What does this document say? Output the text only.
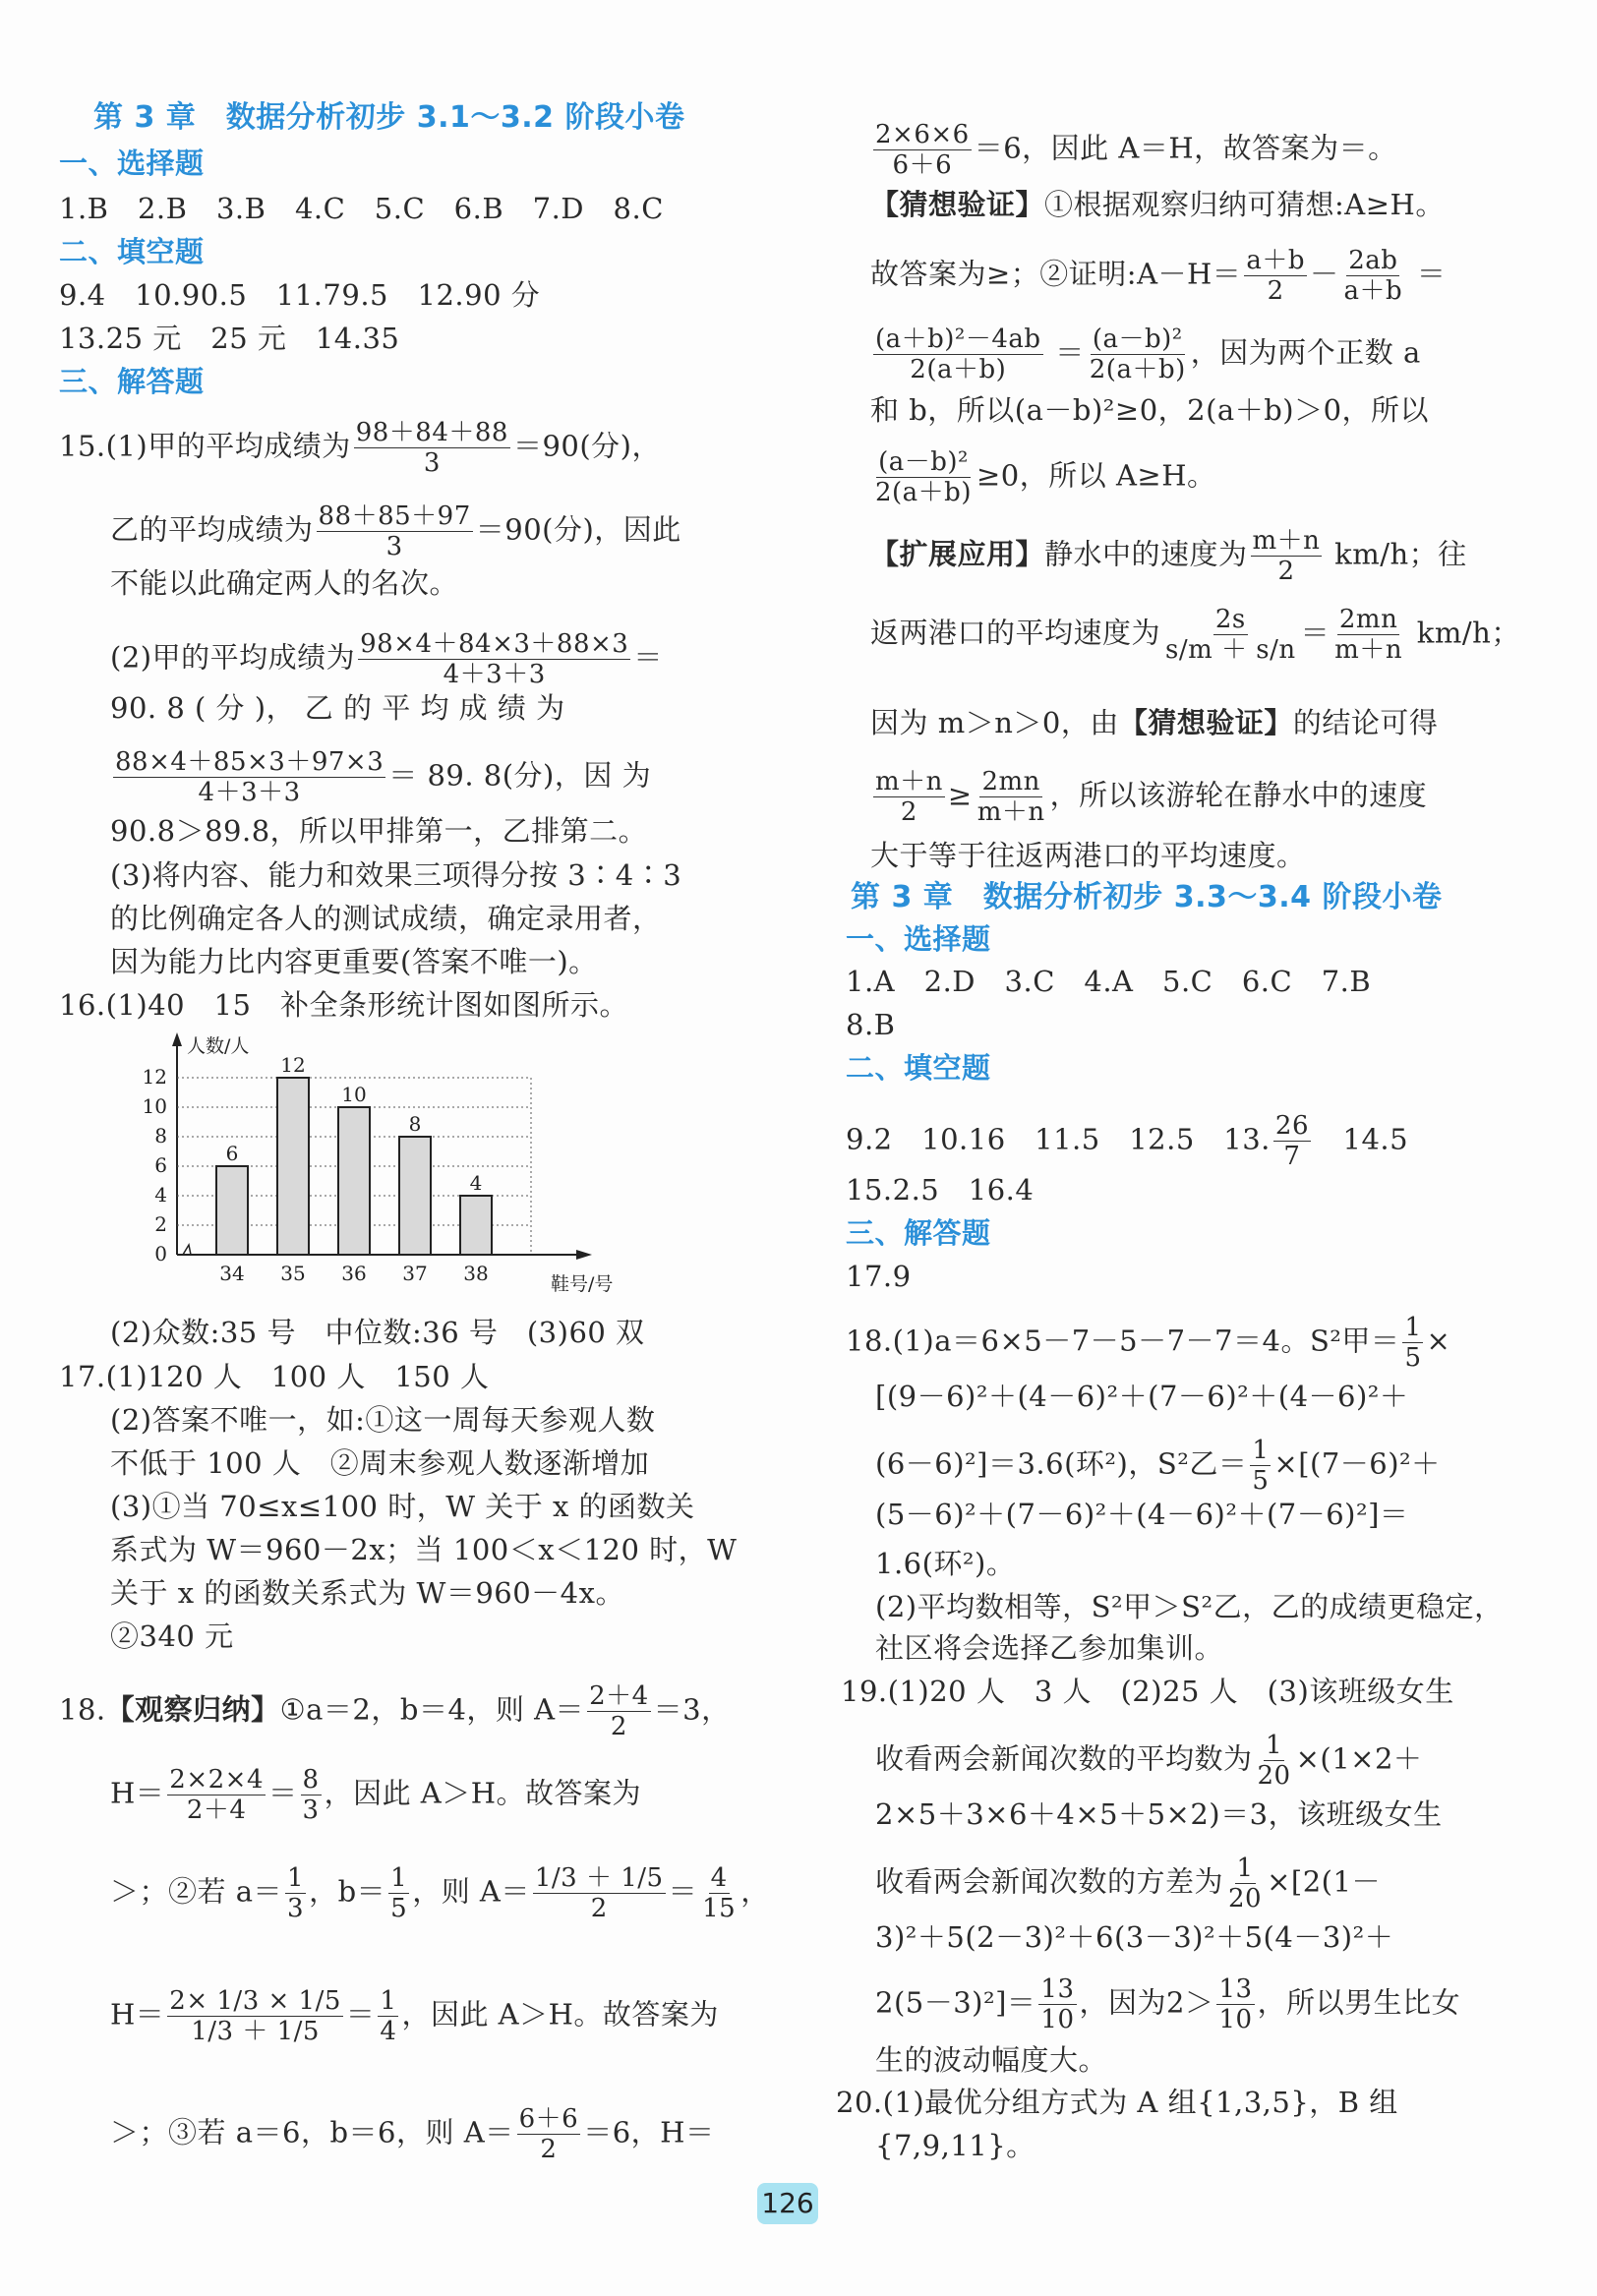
第 3 章　数据分析初步 3.1～3.2 阶段小卷
一、选择题
1.B　2.B　3.B　4.C　5.C　6.B　7.D　8.C
二、填空题
9.4　10.90.5　11.79.5　12.90 分
13.25 元　25 元　14.35
三、解答题
15.(1)甲的平均成绩为 $\frac{98+84+88}{3} =90$(分)，
乙的平均成绩为 $\frac{88+85+97}{3} =90$(分)，因此
不能以此确定两人的名次。
(2)甲的平均成绩为 $\frac{98\times 4+84\times 3+88\times 3}{4+3+3}$ ＝
90. 8 ( 分 )， 乙 的 平 均 成 绩 为
$\frac{88\times 4+85\times 3+97\times 3}{4+3+3} = 89$. 8(分)，因 为
90.8＞89.8，所以甲排第一，乙排第二。
(3)将内容、能力和效果三项得分按 3∶4∶3
的比例确定各人的测试成绩，确定录用者，
因为能力比内容更重要(答案不唯一)。
16.(1)40　15　补全条形统计图如图所示。
(2)众数:35 号　中位数:36 号　(3)60 双
17.(1)120 人　100 人　150 人
(2)答案不唯一，如:①这一周每天参观人数
不低于 100 人　②周末参观人数逐渐增加
(3)①当 70≤x≤100 时，W 关于 x 的函数关
系式为 W＝960－2x；当 100＜x＜120 时，W
关于 x 的函数关系式为 W＝960－4x。
②340 元
18.【观察归纳】①a＝2，b＝4，则 $A= \frac{2+4}{2} =3$，
$H= \frac{2\times 2\times 4}{2+4} = \frac{8}{3}$ ，因此 A＞H。故答案为
＞；②若 $a= \frac{1}{3}$ ，$b= \frac{1}{5}$ ，则 $A= \frac{1/3 + 1/5}{2} = \frac{4}{15}$ ，
$H= \frac{2\times 1/3 \times 1/5}{1/3 + 1/5} = \frac{1}{4}$ ，因此 A＞H。故答案为
＞；③若 a＝6，b＝6，则 $A= \frac{6+6}{2} =6$，H＝
0
2
4
6
8
10
12
人数/人
6
12
10
8
4
34 35 36 37 38	鞋号/号
$\frac{2\times 6\times 6}{6+6} =6$，因此 A＝H，故答案为＝。
【猜想验证】①根据观察归纳可猜想:A≥H。
故答案为≥；②证明:A－H＝ $\frac{a+b}{2} - \frac{2ab}{a+b}$ ＝
$\frac{\text{(a＋b)²－4ab}}{2(a+b)} = \frac{\text{(a－b)²}}{2(a+b)}$ ，因为两个正数 a
和 b，所以(a－b)²≥0，2(a＋b)＞0，所以
$\frac{\text{(a－b)²}}{2(a+b)} \ge 0$，所以 A≥H。
【扩展应用】静水中的速度为 $\frac{m+n}{2} km/h$；往
返两港口的平均速度为 $\frac{2s}{s/m + s/n} = \frac{2mn}{m+n} km/h$；
因为 m＞n＞0，由【猜想验证】的结论可得
$\frac{m+n}{2} \ge \frac{2mn}{m+n}$ ，所以该游轮在静水中的速度
大于等于往返两港口的平均速度。
第 3 章　数据分析初步 3.3～3.4 阶段小卷
一、选择题
1.A　2.D　3.C　4.A　5.C　6.C　7.B
8.B
二、填空题
9.2　10.16　11.5　12.5　13. $\frac{26}{7}$ 　14.5
15.2.5　16.4
三、解答题
17.9
18.(1)a＝6×5－7－5－7－7＝4。S²甲＝ $\frac{1}{5}$ ×
[(9－6)²＋(4－6)²＋(7－6)²＋(4－6)²＋
(6－6)²]＝3.6(环²)，S²乙＝ $\frac{1}{5} \times[(7-6)^2+$
(5－6)²＋(7－6)²＋(4－6)²＋(7－6)²]＝
1.6(环²)。
(2)平均数相等，S²甲＞S²乙，乙的成绩更稳定，
社区将会选择乙参加集训。
19.(1)20 人　3 人　(2)25 人　(3)该班级女生
收看两会新闻次数的平均数为 $\frac{1}{20} \times(1\times 2+$
2×5＋3×6＋4×5＋5×2)＝3，该班级女生
收看两会新闻次数的方差为 $\frac{1}{20} \times[2(1-$
3)²＋5(2－3)²＋6(3－3)²＋5(4－3)²＋
$2(5-3)^2]= \frac{13}{10}$ ，因为$2> \frac{13}{10}$ ，所以男生比女
生的波动幅度大。
20.(1)最优分组方式为 A 组{1,3,5}，B 组
{7,9,11}。
126
